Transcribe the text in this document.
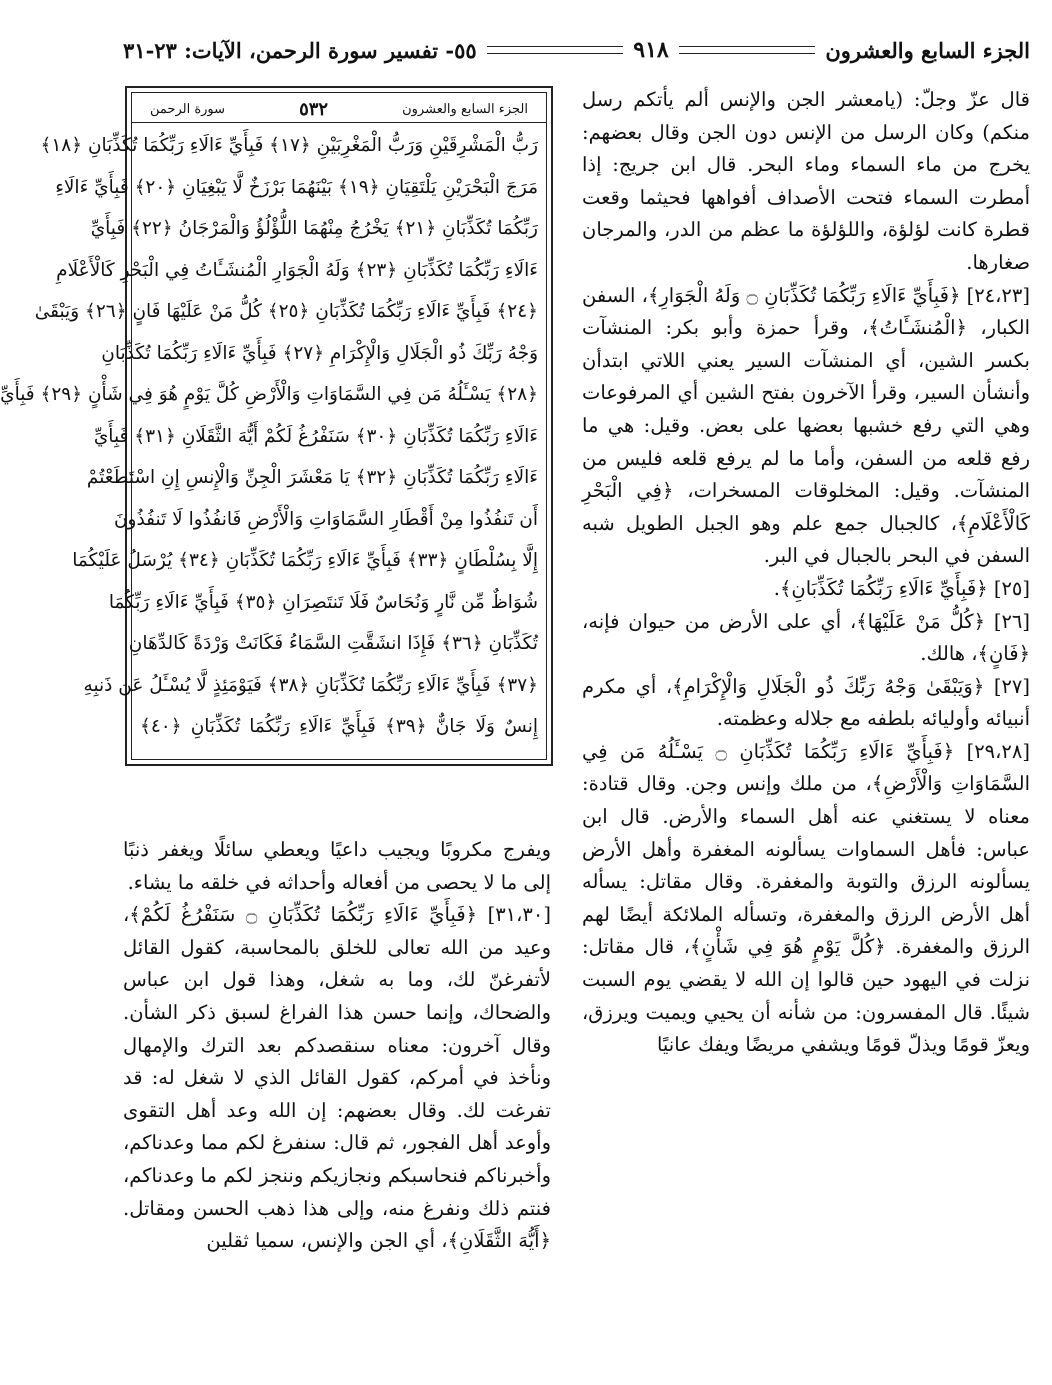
الجزء السابع والعشرون
٩١٨
٥٥- تفسير سورة الرحمن، الآيات: ٢٣-٣١

قال عزّ وجلّ: (يامعشر الجن والإنس ألم يأتكم رسل منكم) وكان الرسل من الإنس دون الجن وقال بعضهم: يخرج من ماء السماء وماء البحر. قال ابن جريج: إذا أمطرت السماء فتحت الأصداف أفواهها فحيثما وقعت قطرة كانت لؤلؤة، واللؤلؤة ما عظم من الدر، والمرجان صغارها.

[٢٤،٢٣] ﴿فَبِأَيِّ ءَالَاءِ رَبِّكُمَا تُكَذِّبَانِ ۝ وَلَهُ الْجَوَارِ﴾، السفن الكبار، ﴿الْمُنشَـَٔاتُ﴾، وقرأ حمزة وأبو بكر: المنشآت بكسر الشين، أي المنشآت السير يعني اللاتي ابتدأن وأنشأن السير، وقرأ الآخرون بفتح الشين أي المرفوعات وهي التي رفع خشبها بعضها على بعض. وقيل: هي ما رفع قلعه من السفن، وأما ما لم يرفع قلعه فليس من المنشآت. وقيل: المخلوقات المسخرات، ﴿فِي الْبَحْرِ كَالْأَعْلَامِ﴾، كالجبال جمع علم وهو الجبل الطويل شبه السفن في البحر بالجبال في البر.

[٢٥] ﴿فَبِأَيِّ ءَالَاءِ رَبِّكُمَا تُكَذِّبَانِ﴾.

[٢٦] ﴿كُلُّ مَنْ عَلَيْهَا﴾، أي على الأرض من حيوان فإنه، ﴿فَانٍ﴾، هالك.

[٢٧] ﴿وَيَبْقَىٰ وَجْهُ رَبِّكَ ذُو الْجَلَالِ وَالْإِكْرَامِ﴾، أي مكرم أنبيائه وأوليائه بلطفه مع جلاله وعظمته.

[٢٩،٢٨] ﴿فَبِأَيِّ ءَالَاءِ رَبِّكُمَا تُكَذِّبَانِ ۝ يَسْـَٔلُهُ مَن فِي السَّمَاوَاتِ وَالْأَرْضِ﴾، من ملك وإنس وجن. وقال قتادة: معناه لا يستغني عنه أهل السماء والأرض. قال ابن عباس: فأهل السماوات يسألونه المغفرة وأهل الأرض يسألونه الرزق والتوبة والمغفرة. وقال مقاتل: يسأله أهل الأرض الرزق والمغفرة، وتسأله الملائكة أيضًا لهم الرزق والمغفرة. ﴿كُلَّ يَوْمٍ هُوَ فِي شَأْنٍ﴾، قال مقاتل: نزلت في اليهود حين قالوا إن الله لا يقضي يوم السبت شيئًا. قال المفسرون: من شأنه أن يحيي ويميت ويرزق، ويعزّ قومًا ويذلّ قومًا ويشفي مريضًا ويفك عانيًا

الجزء السابع والعشرون
٥٣٢
سورة الرحمن
رَبُّ الْمَشْرِقَيْنِ وَرَبُّ الْمَغْرِبَيْنِ ﴿١٧﴾ فَبِأَيِّ ءَالَاءِ رَبِّكُمَا تُكَذِّبَانِ ﴿١٨﴾
مَرَجَ الْبَحْرَيْنِ يَلْتَقِيَانِ ﴿١٩﴾ بَيْنَهُمَا بَرْزَخٌ لَّا يَبْغِيَانِ ﴿٢٠﴾ فَبِأَيِّ ءَالَاءِ
رَبِّكُمَا تُكَذِّبَانِ ﴿٢١﴾ يَخْرُجُ مِنْهُمَا اللُّؤْلُؤُ وَالْمَرْجَانُ ﴿٢٢﴾ فَبِأَيِّ
ءَالَاءِ رَبِّكُمَا تُكَذِّبَانِ ﴿٢٣﴾ وَلَهُ الْجَوَارِ الْمُنشَـَٔاتُ فِي الْبَحْرِ كَالْأَعْلَامِ
﴿٢٤﴾ فَبِأَيِّ ءَالَاءِ رَبِّكُمَا تُكَذِّبَانِ ﴿٢٥﴾ كُلُّ مَنْ عَلَيْهَا فَانٍ ﴿٢٦﴾ وَيَبْقَىٰ
وَجْهُ رَبِّكَ ذُو الْجَلَالِ وَالْإِكْرَامِ ﴿٢٧﴾ فَبِأَيِّ ءَالَاءِ رَبِّكُمَا تُكَذِّبَانِ
﴿٢٨﴾ يَسْـَٔلُهُ مَن فِي السَّمَاوَاتِ وَالْأَرْضِ كُلَّ يَوْمٍ هُوَ فِي شَأْنٍ ﴿٢٩﴾ فَبِأَيِّ
ءَالَاءِ رَبِّكُمَا تُكَذِّبَانِ ﴿٣٠﴾ سَنَفْرُغُ لَكُمْ أَيُّهَ الثَّقَلَانِ ﴿٣١﴾ فَبِأَيِّ
ءَالَاءِ رَبِّكُمَا تُكَذِّبَانِ ﴿٣٢﴾ يَا مَعْشَرَ الْجِنِّ وَالْإِنسِ إِنِ اسْتَطَعْتُمْ
أَن تَنفُذُوا مِنْ أَقْطَارِ السَّمَاوَاتِ وَالْأَرْضِ فَانفُذُوا لَا تَنفُذُونَ
إِلَّا بِسُلْطَانٍ ﴿٣٣﴾ فَبِأَيِّ ءَالَاءِ رَبِّكُمَا تُكَذِّبَانِ ﴿٣٤﴾ يُرْسَلُ عَلَيْكُمَا
شُوَاظٌ مِّن نَّارٍ وَنُحَاسٌ فَلَا تَنتَصِرَانِ ﴿٣٥﴾ فَبِأَيِّ ءَالَاءِ رَبِّكُمَا
تُكَذِّبَانِ ﴿٣٦﴾ فَإِذَا انشَقَّتِ السَّمَاءُ فَكَانَتْ وَرْدَةً كَالدِّهَانِ
﴿٣٧﴾ فَبِأَيِّ ءَالَاءِ رَبِّكُمَا تُكَذِّبَانِ ﴿٣٨﴾ فَيَوْمَئِذٍ لَّا يُسْـَٔلُ عَن ذَنبِهِ
إِنسٌ وَلَا جَانٌّ ﴿٣٩﴾ فَبِأَيِّ ءَالَاءِ رَبِّكُمَا تُكَذِّبَانِ ﴿٤٠﴾

ويفرج مكروبًا ويجيب داعيًا ويعطي سائلًا ويغفر ذنبًا إلى ما لا يحصى من أفعاله وأحداثه في خلقه ما يشاء.

[٣١،٣٠] ﴿فَبِأَيِّ ءَالَاءِ رَبِّكُمَا تُكَذِّبَانِ ۝ سَنَفْرُغُ لَكُمْ﴾، وعيد من الله تعالى للخلق بالمحاسبة، كقول القائل لأتفرغنّ لك، وما به شغل، وهذا قول ابن عباس والضحاك، وإنما حسن هذا الفراغ لسبق ذكر الشأن. وقال آخرون: معناه سنقصدكم بعد الترك والإمهال ونأخذ في أمركم، كقول القائل الذي لا شغل له: قد تفرغت لك. وقال بعضهم: إن الله وعد أهل التقوى وأوعد أهل الفجور، ثم قال: سنفرغ لكم مما وعدناكم، وأخبرناكم فنحاسبكم ونجازيكم وننجز لكم ما وعدناكم، فنتم ذلك ونفرغ منه، وإلى هذا ذهب الحسن ومقاتل. ﴿أَيُّهَ الثَّقَلَانِ﴾، أي الجن والإنس، سميا ثقلين
